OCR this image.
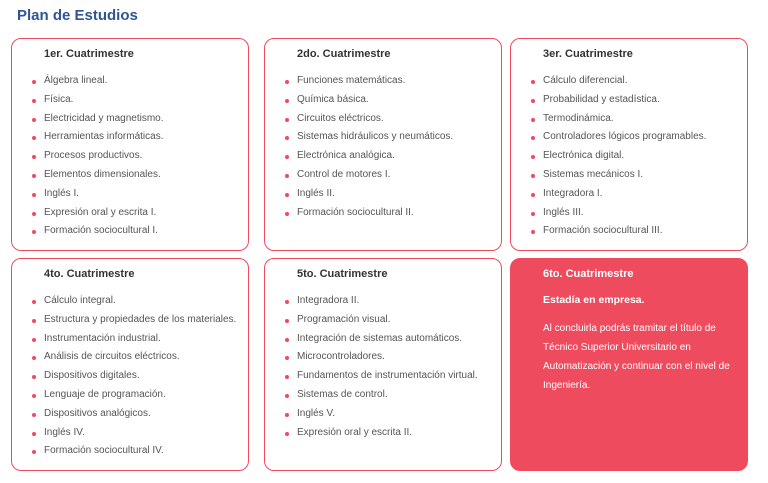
Plan de Estudios
1er. Cuatrimestre
Álgebra lineal.
Física.
Electricidad y magnetismo.
Herramientas informáticas.
Procesos productivos.
Elementos dimensionales.
Inglés I.
Expresión oral y escrita I.
Formación sociocultural I.
2do. Cuatrimestre
Funciones matemáticas.
Química básica.
Circuitos eléctricos.
Sistemas hidráulicos y neumáticos.
Electrónica analógica.
Control de motores I.
Inglés II.
Formación sociocultural II.
3er. Cuatrimestre
Cálculo diferencial.
Probabilidad y estadística.
Termodinámica.
Controladores lógicos programables.
Electrónica digital.
Sistemas mecánicos I.
Integradora I.
Inglés III.
Formación sociocultural III.
4to. Cuatrimestre
Cálculo integral.
Estructura y propiedades de los materiales.
Instrumentación industrial.
Análisis de circuitos eléctricos.
Dispositivos digitales.
Lenguaje de programación.
Dispositivos analógicos.
Inglés IV.
Formación sociocultural IV.
5to. Cuatrimestre
Integradora II.
Programación visual.
Integración de sistemas automáticos.
Microcontroladores.
Fundamentos de instrumentación virtual.
Sistemas de control.
Inglés V.
Expresión oral y escrita II.
6to. Cuatrimestre
Estadía en empresa.
Al concluirla podrás tramitar el título de Técnico Superior Universitario en Automatización y continuar con el nivel de Ingeniería.
